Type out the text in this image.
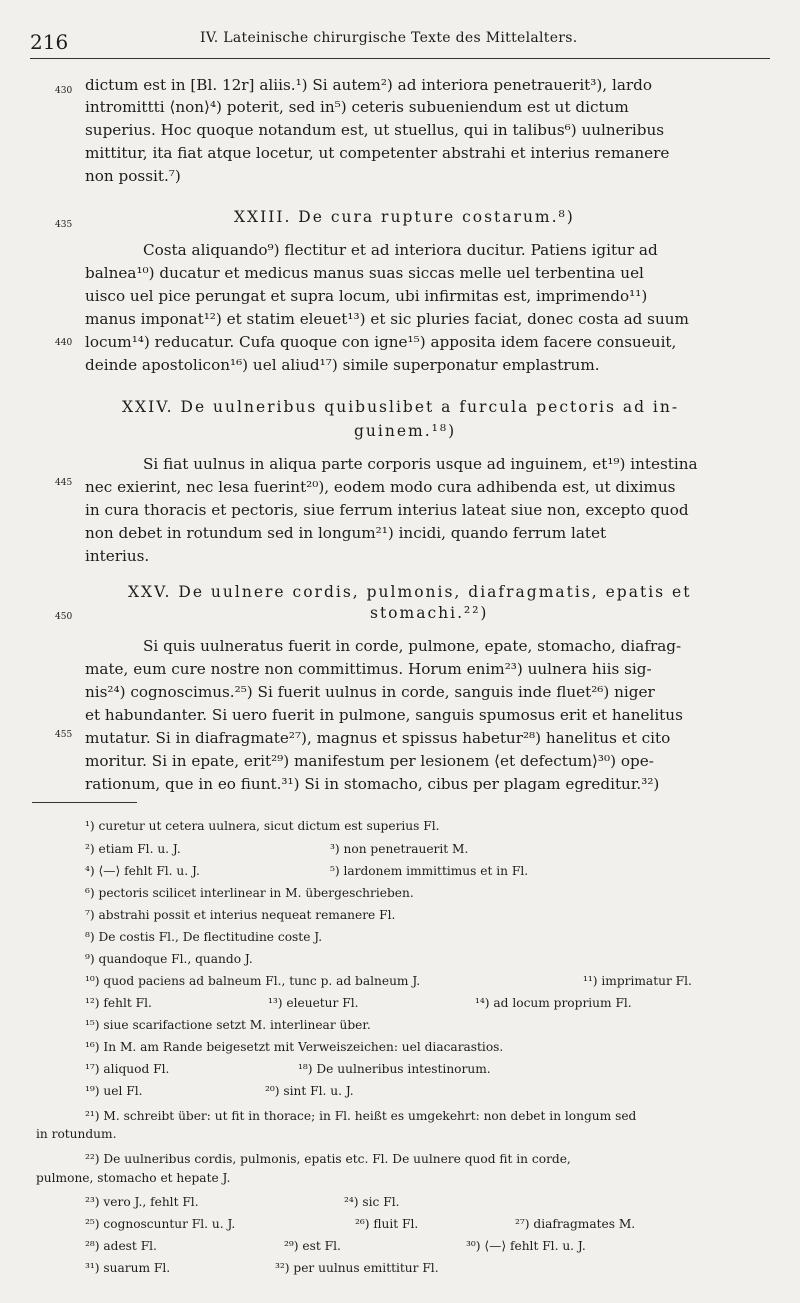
216	IV. Lateinische chirurgische Texte des Mittelalters.
430
435
440
445
450
455
dictum est in [Bl. 12r] aliis.¹) Si autem²) ad interiora penetrauerit³), lardo
intromittti ⟨non⟩⁴) poterit, sed in⁵) ceteris subueniendum est ut dictum
superius. Hoc quoque notandum est, ut stuellus, qui in talibus⁶) uulneribus
mittitur, ita fiat atque locetur, ut competenter abstrahi et interius remanere
non possit.⁷)
XXIII. De cura rupture costarum.⁸)
Costa aliquando⁹) flectitur et ad interiora ducitur. Patiens igitur ad
balnea¹⁰) ducatur et medicus manus suas siccas melle uel terbentina uel
uisco uel pice perungat et supra locum, ubi infirmitas est, imprimendo¹¹)
manus imponat¹²) et statim eleuet¹³) et sic pluries faciat, donec costa ad suum
locum¹⁴) reducatur. Cufa quoque con igne¹⁵) apposita idem facere consueuit,
deinde apostolicon¹⁶) uel aliud¹⁷) simile superponatur emplastrum.
XXIV. De uulneribus quibuslibet a furcula pectoris ad in-
guinem.¹⁸)
Si fiat uulnus in aliqua parte corporis usque ad inguinem, et¹⁹) intestina
nec exierint, nec lesa fuerint²⁰), eodem modo cura adhibenda est, ut diximus
in cura thoracis et pectoris, siue ferrum interius lateat siue non, excepto quod
non debet in rotundum sed in longum²¹) incidi, quando ferrum latet
interius.
XXV. De uulnere cordis, pulmonis, diafragmatis, epatis et
stomachi.²²)
Si quis uulneratus fuerit in corde, pulmone, epate, stomacho, diafrag-
mate, eum cure nostre non committimus. Horum enim²³) uulnera hiis sig-
nis²⁴) cognoscimus.²⁵) Si fuerit uulnus in corde, sanguis inde fluet²⁶) niger
et habundanter. Si uero fuerit in pulmone, sanguis spumosus erit et hanelitus
mutatur. Si in diafragmate²⁷), magnus et spissus habetur²⁸) hanelitus et cito
moritur. Si in epate, erit²⁹) manifestum per lesionem ⟨et defectum⟩³⁰) ope-
rationum, que in eo fiunt.³¹) Si in stomacho, cibus per plagam egreditur.³²)
¹) curetur ut cetera uulnera, sicut dictum est superius Fl.
²) etiam Fl. u. J.	³) non penetrauerit M.
⁴) ⟨—⟩ fehlt Fl. u. J.	⁵) lardonem immittimus et in Fl.
⁶) pectoris scilicet interlinear in M. übergeschrieben.
⁷) abstrahi possit et interius nequeat remanere Fl.
⁸) De costis Fl., De flectitudine coste J.
⁹) quandoque Fl., quando J.
¹⁰) quod paciens ad balneum Fl., tunc p. ad balneum J.	¹¹) imprimatur Fl.
¹²) fehlt Fl.	¹³) eleuetur Fl.	¹⁴) ad locum proprium Fl.
¹⁵) siue scarifactione setzt M. interlinear über.
¹⁶) In M. am Rande beigesetzt mit Verweiszeichen: uel diacarastios.
¹⁷) aliquod Fl.	¹⁸) De uulneribus intestinorum.
¹⁹) uel Fl.	²⁰) sint Fl. u. J.
²¹) M. schreibt über: ut fit in thorace; in Fl. heißt es umgekehrt: non debet in longum sed
in rotundum.
²²) De uulneribus cordis, pulmonis, epatis etc. Fl. De uulnere quod fit in corde,
pulmone, stomacho et hepate J.
²³) vero J., fehlt Fl.	²⁴) sic Fl.
²⁵) cognoscuntur Fl. u. J.	²⁶) fluit Fl.	²⁷) diafragmates M.
²⁸) adest Fl.	²⁹) est Fl.	³⁰) ⟨—⟩ fehlt Fl. u. J.
³¹) suarum Fl.	³²) per uulnus emittitur Fl.
